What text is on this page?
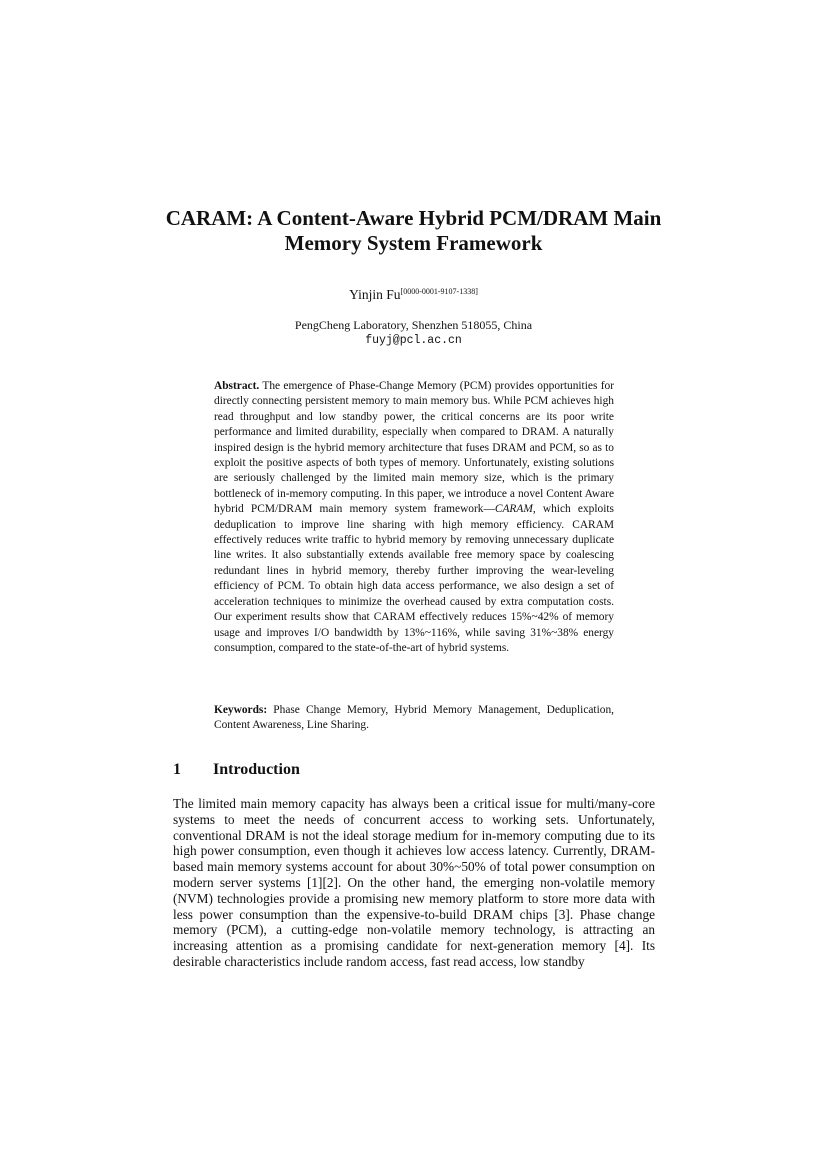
CARAM: A Content-Aware Hybrid PCM/DRAM Main Memory System Framework
Yinjin Fu[0000-0001-9107-1338]
PengCheng Laboratory, Shenzhen 518055, China
fuyj@pcl.ac.cn

Abstract. The emergence of Phase-Change Memory (PCM) provides opportunities for directly connecting persistent memory to main memory bus. While PCM achieves high read throughput and low standby power, the critical concerns are its poor write performance and limited durability, especially when compared to DRAM. A naturally inspired design is the hybrid memory architecture that fuses DRAM and PCM, so as to exploit the positive aspects of both types of memory. Unfortunately, existing solutions are seriously challenged by the limited main memory size, which is the primary bottleneck of in-memory computing. In this paper, we introduce a novel Content Aware hybrid PCM/DRAM main memory system framework—CARAM, which exploits deduplication to improve line sharing with high memory efficiency. CARAM effectively reduces write traffic to hybrid memory by removing unnecessary duplicate line writes. It also substantially extends available free memory space by coalescing redundant lines in hybrid memory, thereby further improving the wear-leveling efficiency of PCM. To obtain high data access performance, we also design a set of acceleration techniques to minimize the overhead caused by extra computation costs. Our experiment results show that CARAM effectively reduces 15%~42% of memory usage and improves I/O bandwidth by 13%~116%, while saving 31%~38% energy consumption, compared to the state-of-the-art of hybrid systems.

Keywords: Phase Change Memory, Hybrid Memory Management, Deduplication, Content Awareness, Line Sharing.

1 Introduction

The limited main memory capacity has always been a critical issue for multi/many-core systems to meet the needs of concurrent access to working sets. Unfortunately, conventional DRAM is not the ideal storage medium for in-memory computing due to its high power consumption, even though it achieves low access latency. Currently, DRAM-based main memory systems account for about 30%~50% of total power consumption on modern server systems [1][2]. On the other hand, the emerging non-volatile memory (NVM) technologies provide a promising new memory platform to store more data with less power consumption than the expensive-to-build DRAM chips [3]. Phase change memory (PCM), a cutting-edge non-volatile memory technology, is attracting an increasing attention as a promising candidate for next-generation memory [4]. Its desirable characteristics include random access, fast read access, low standby
